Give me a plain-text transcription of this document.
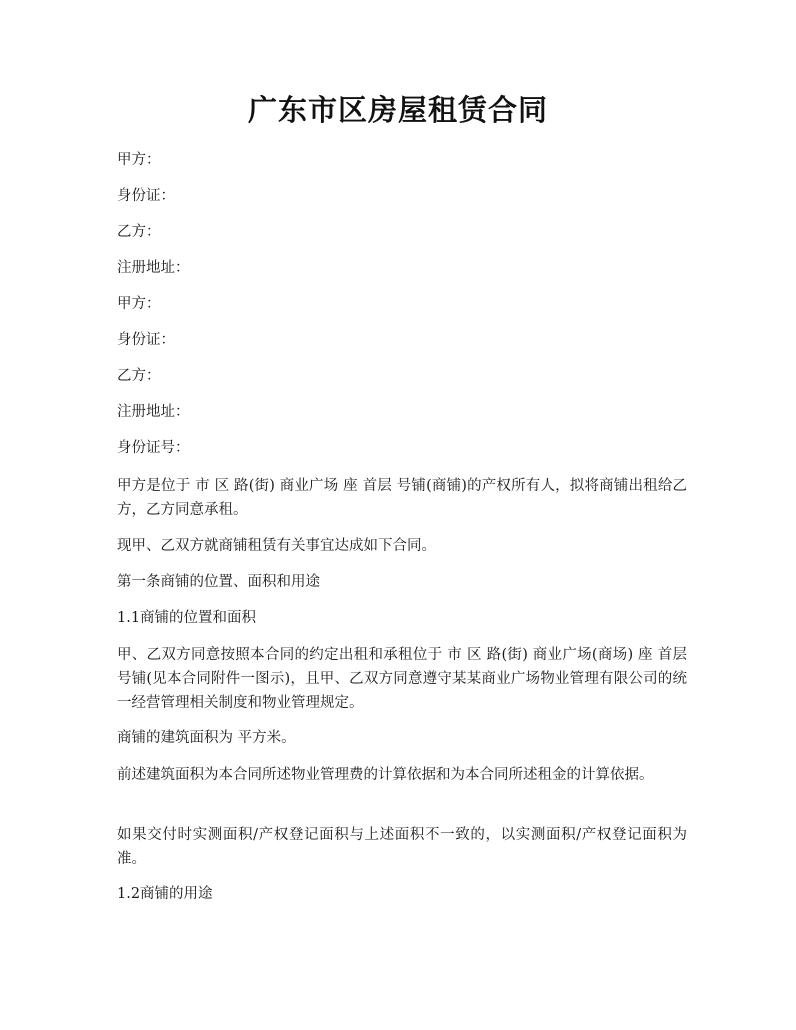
广东市区房屋租赁合同
甲方：
身份证：
乙方：
注册地址：
甲方：
身份证：
乙方：
注册地址：
身份证号：
甲方是位于 市 区 路(街) 商业广场 座 首层 号铺(商铺)的产权所有人，拟将商铺出租给乙方，乙方同意承租。
现甲、乙双方就商铺租赁有关事宜达成如下合同。
第一条商铺的位置、面积和用途
1.1商铺的位置和面积
甲、乙双方同意按照本合同的约定出租和承租位于 市 区 路(街) 商业广场(商场) 座 首层 号铺(见本合同附件一图示)，且甲、乙双方同意遵守某某商业广场物业管理有限公司的统一经营管理相关制度和物业管理规定。
商铺的建筑面积为 平方米。
前述建筑面积为本合同所述物业管理费的计算依据和为本合同所述租金的计算依据。
如果交付时实测面积/产权登记面积与上述面积不一致的，以实测面积/产权登记面积为准。
1.2商铺的用途
